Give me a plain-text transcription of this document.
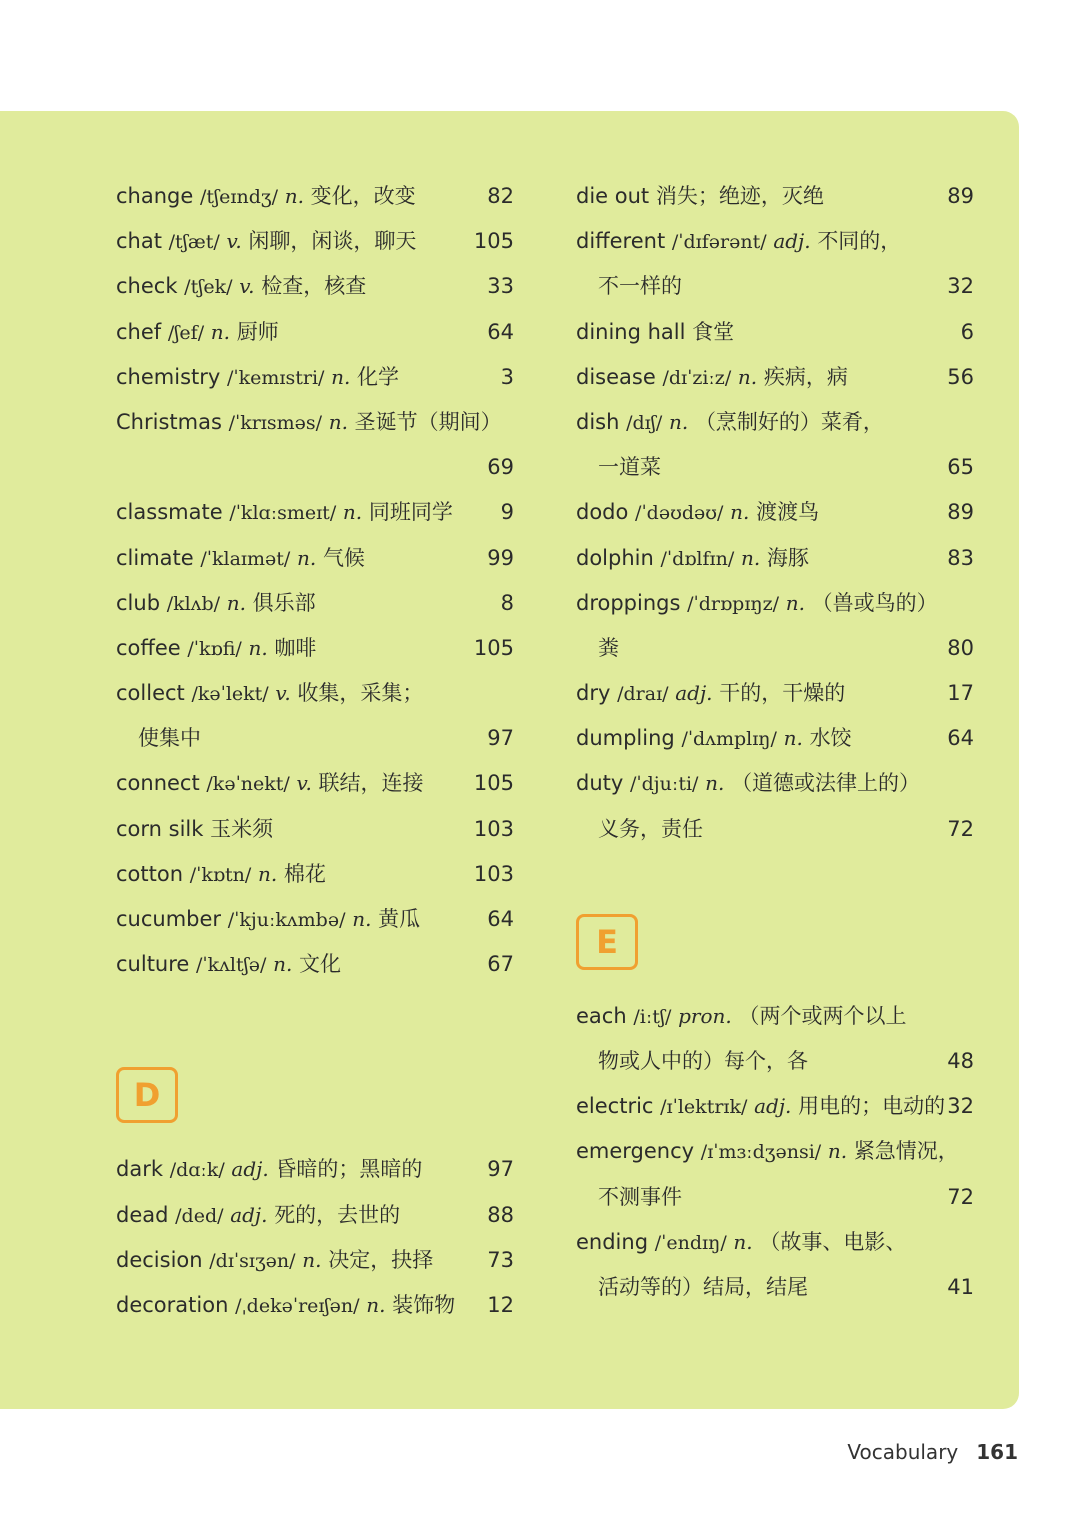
change /tʃeɪndʒ/ n. 变化，改变	82
chat /tʃæt/ v. 闲聊，闲谈，聊天	105
check /tʃek/ v. 检查，核查	33
chef /ʃef/ n. 厨师	64
chemistry /ˈkemɪstri/ n. 化学	3
Christmas /ˈkrɪsməs/ n. 圣诞节（期间）
69
classmate /ˈklɑːsmeɪt/ n. 同班同学 9
climate /ˈklaɪmət/ n. 气候	99
club /klʌb/ n. 俱乐部	8
coffee /ˈkɒfi/ n. 咖啡	105
collect /kəˈlekt/ v. 收集，采集；
使集中	97
connect /kəˈnekt/ v. 联结，连接 105
corn silk 玉米须	103
cotton /ˈkɒtn/ n. 棉花	103
cucumber /ˈkjuːkʌmbə/ n. 黄瓜	64
culture /ˈkʌltʃə/ n. 文化	67
D
dark /dɑːk/ adj. 昏暗的；黑暗的	97
dead /ded/ adj. 死的，去世的	88
decision /dɪˈsɪʒən/ n. 决定，抉择	73
decoration /ˌdekəˈreɪʃən/ n. 装饰物 12
die out 消失；绝迹，灭绝	89
different /ˈdɪfərənt/ adj. 不同的，
不一样的	32
dining hall 食堂	6
disease /dɪˈziːz/ n. 疾病，病	56
dish /dɪʃ/ n. （烹制好的）菜肴，
一道菜	65
dodo /ˈdəʊdəʊ/ n. 渡渡鸟	89
dolphin /ˈdɒlfɪn/ n. 海豚	83
droppings /ˈdrɒpɪŋz/ n. （兽或鸟的）
粪	80
dry /draɪ/ adj. 干的，干燥的	17
dumpling /ˈdʌmplɪŋ/ n. 水饺	64
duty /ˈdjuːti/ n. （道德或法律上的）
义务，责任	72
E
each /iːtʃ/ pron. （两个或两个以上
物或人中的）每个，各	48
electric /ɪˈlektrɪk/ adj. 用电的；电动的 32
emergency /ɪˈmɜːdʒənsi/ n. 紧急情况，
不测事件	72
ending /ˈendɪŋ/ n. （故事、电影、
活动等的）结局，结尾	41
Vocabulary 161
